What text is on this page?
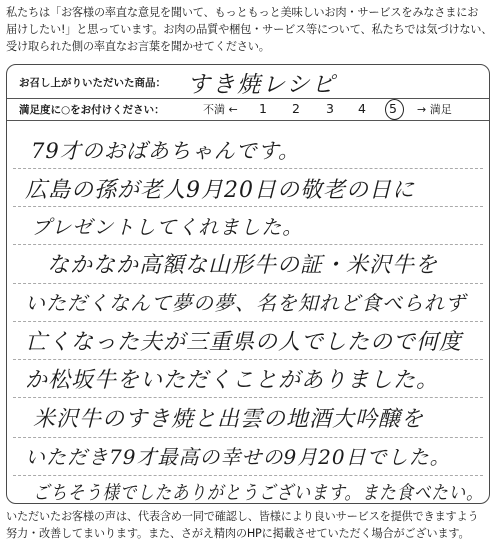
私たちは「お客様の率直な意見を聞いて、もっともっと美味しいお肉・サービスをみなさまにお
届けしたい!」と思っています。お肉の品質や梱包・サービス等について、私たちでは気づけない、
受け取られた側の率直なお言葉を聞かせてください。
お召し上がりいただいた商品： すき焼レシピ
満足度に○をお付けください：	不満 ← 1 2 3 4 5 → 満足
79才のおばあちゃんです。
広島の孫が老人9月20日の敬老の日に
プレゼントしてくれました。
なかなか高額な山形牛の証・米沢牛を
いただくなんて夢の夢、名を知れど食べられず
亡くなった夫が三重県の人でしたので何度
か松坂牛をいただくことがありました。
米沢牛のすき焼と出雲の地酒大吟醸を
いただき79才最高の幸せの9月20日でした。
ごちそう様でしたありがとうございます。また食べたい。
いただいたお客様の声は、代表含め一同で確認し、皆様により良いサービスを提供できますよう
努力・改善してまいります。また、さがえ精肉のHPに掲載させていただく場合がございます。
